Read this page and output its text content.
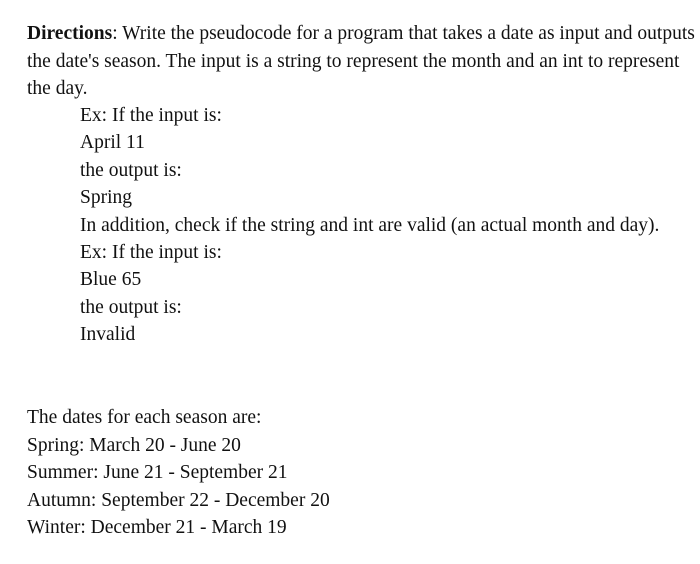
Directions: Write the pseudocode for a program that takes a date as input and outputs the date's season. The input is a string to represent the month and an int to represent the day.

Ex: If the input is:
April 11
the output is:
Spring
In addition, check if the string and int are valid (an actual month and day).
Ex: If the input is:
Blue 65
the output is:
Invalid
The dates for each season are:
Spring: March 20 - June 20
Summer: June 21 - September 21
Autumn: September 22 - December 20
Winter: December 21 - March 19
